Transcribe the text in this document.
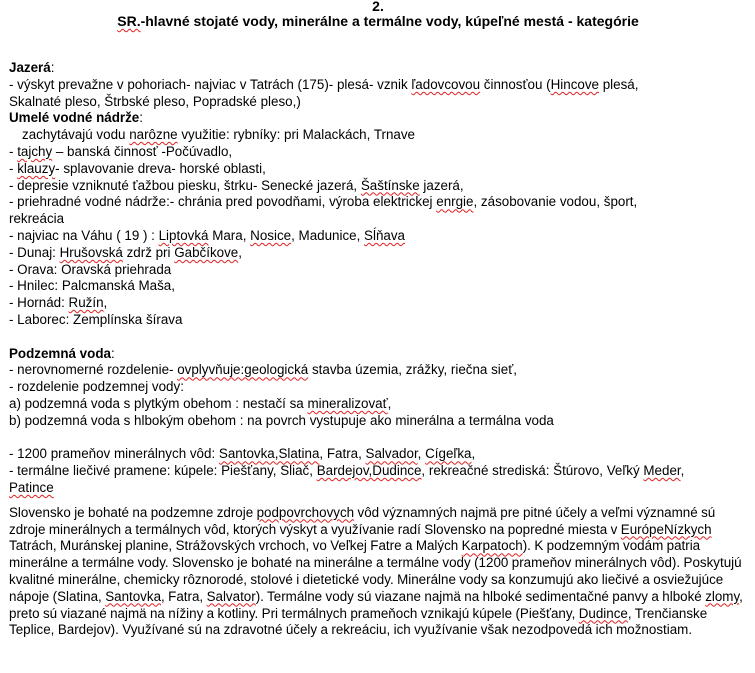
2.
SR.-hlavné stojaté vody, minerálne a termálne vody, kúpeľné mestá - kategórie
Jazerá:
- výskyt prevažne v pohoriach- najviac v Tatrách (175)- plesá- vznik ľadovcovou činnosťou (Hincove plesá,
Skalnaté pleso, Štrbské pleso, Popradské pleso,)
Umelé vodné nádrže:
zachytávajú vodu narôzne využitie: rybníky: pri Malackách, Trnave
- tajchy – banská činnosť -Počúvadlo,
- klauzy- splavovanie dreva- horské oblasti,
- depresie vzniknuté ťažbou piesku, štrku- Senecké jazerá, Šaštínske jazerá,
- priehradné vodné nádrže:- chránia pred povodňami, výroba elektrickej enrgie, zásobovanie vodou, šport,
rekreácia
- najviac na Váhu ( 19 ) : Liptovká Mara, Nosice, Madunice, Sĺňava
- Dunaj: Hrušovská zdrž pri Gabčíkove,
- Orava: Oravská priehrada
- Hnilec: Palcmanská Maša,
- Hornád: Ružín,
- Laborec: Zemplínska šírava
Podzemná voda:
- nerovnomerné rozdelenie- ovplyvňuje:geologická stavba územia, zrážky, riečna sieť,
- rozdelenie podzemnej vody:
a) podzemná voda s plytkým obehom : nestačí sa mineralizovať,
b) podzemná voda s hlbokým obehom : na povrch vystupuje ako minerálna a termálna voda
- 1200 prameňov minerálnych vôd: Santovka,Slatina, Fatra, Salvador, Cígeľka,
- termálne liečivé pramene: kúpele: Piešťany, Sliač, Bardejov,Dudince, rekreačné strediská: Štúrovo, Veľký Meder,
Patince
Slovensko je bohaté na podzemne zdroje podpovrchovych vôd významných najmä pre pitné účely a veľmi významné sú zdroje minerálnych a termálnych vôd, ktorých výskyt a využívanie radí Slovensko na popredné miesta v EurópeNízkych Tatrách, Muránskej planine, Strážovských vrchoch, vo Veľkej Fatre a Malých Karpatoch). K podzemným vodám patria minerálne a termálne vody. Slovensko je bohaté na minerálne a termálne vody (1200 prameňov minerálnych vôd). Poskytujú kvalitné minerálne, chemicky rôznorodé, stolové i dietetické vody. Minerálne vody sa konzumujú ako liečivé a osviežujúce nápoje (Slatina, Santovka, Fatra, Salvator). Termálne vody sú viazane najmä na hlboké sedimentačné panvy a hlboké zlomy, preto sú viazané najmä na nížiny a kotliny. Pri termálnych prameňoch vznikajú kúpele (Piešťany, Dudince, Trenčianske Teplice, Bardejov). Využívané sú na zdravotné účely a rekreáciu, ich využívanie však nezodpovedá ich možnostiam.
